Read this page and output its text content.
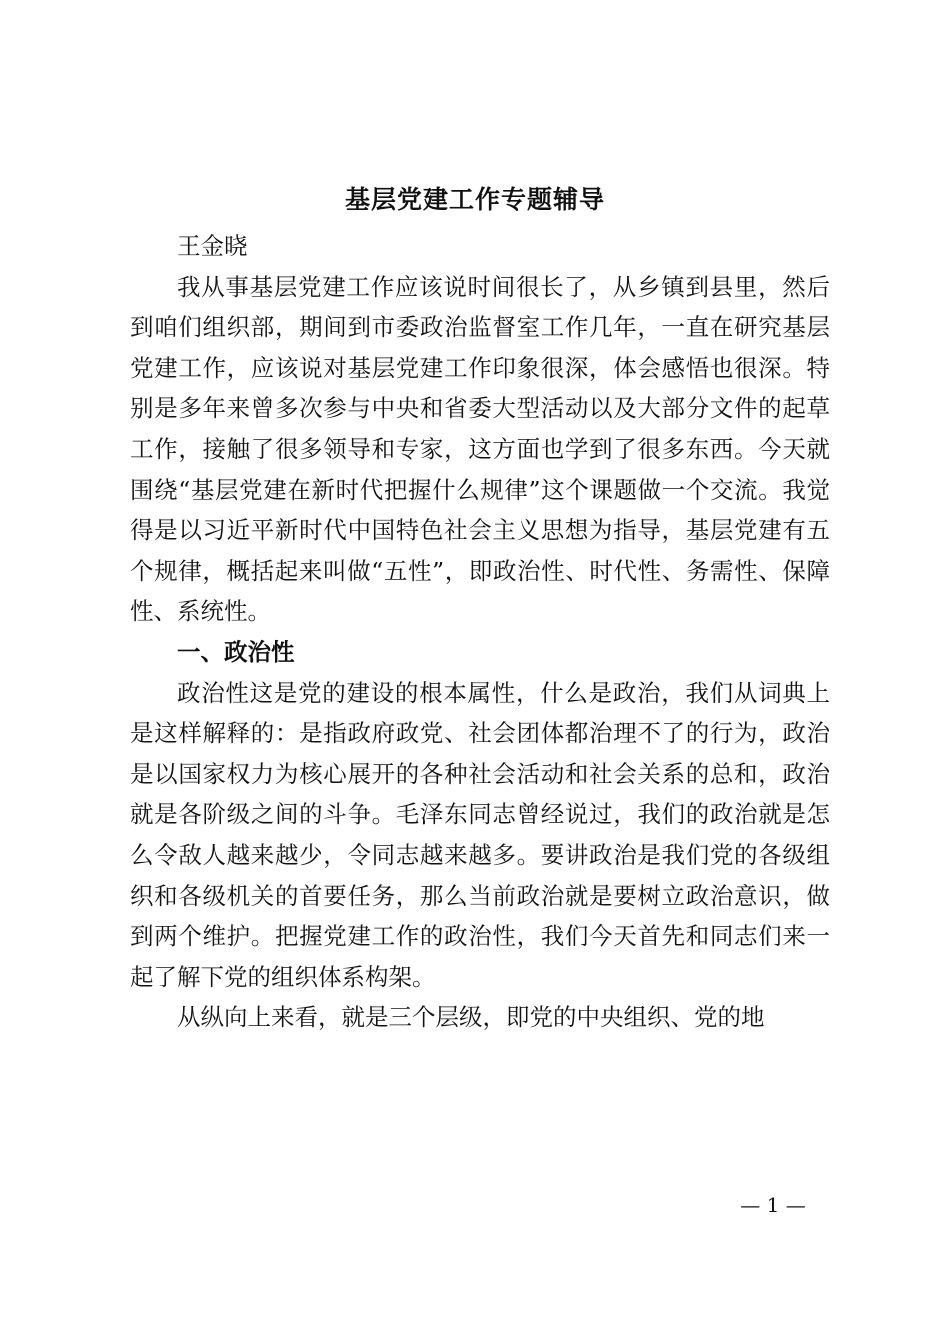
基层党建工作专题辅导

王金晓

我从事基层党建工作应该说时间很长了，从乡镇到县里，然后到咱们组织部，期间到市委政治监督室工作几年，一直在研究基层党建工作，应该说对基层党建工作印象很深，体会感悟也很深。特别是多年来曾多次参与中央和省委大型活动以及大部分文件的起草工作，接触了很多领导和专家，这方面也学到了很多东西。今天就围绕“基层党建在新时代把握什么规律”这个课题做一个交流。我觉得是以习近平新时代中国特色社会主义思想为指导，基层党建有五个规律，概括起来叫做“五性”，即政治性、时代性、务需性、保障性、系统性。

一、政治性

政治性这是党的建设的根本属性，什么是政治，我们从词典上是这样解释的：是指政府政党、社会团体都治理不了的行为，政治是以国家权力为核心展开的各种社会活动和社会关系的总和，政治就是各阶级之间的斗争。毛泽东同志曾经说过，我们的政治就是怎么令敌人越来越少，令同志越来越多。要讲政治是我们党的各级组织和各级机关的首要任务，那么当前政治就是要树立政治意识，做到两个维护。把握党建工作的政治性，我们今天首先和同志们来一起了解下党的组织体系构架。

从纵向上来看，就是三个层级，即党的中央组织、党的地

— 1 —
